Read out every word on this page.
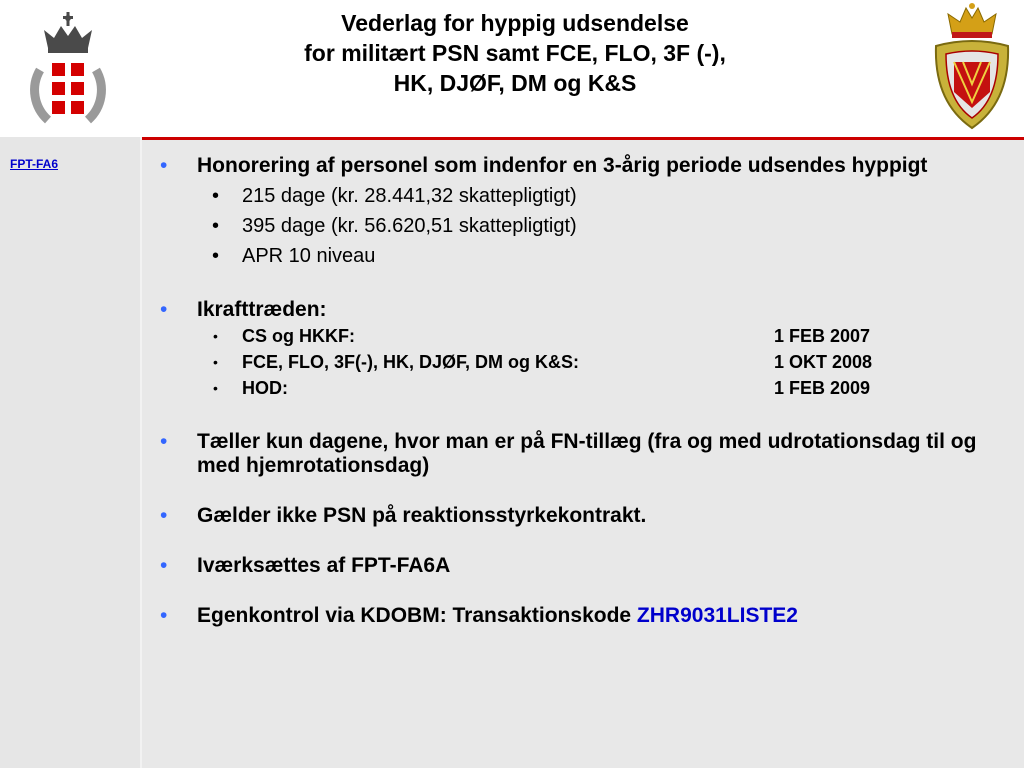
Vederlag for hyppig udsendelse
for militært PSN samt FCE, FLO, 3F (-),
HK, DJØF, DM og K&S
FPT-FA6	• Honorering af personel som indenfor en 3-årig periode udsendes hyppigt
• 215 dage (kr. 28.441,32 skattepligtigt)
• 395 dage (kr. 56.620,51 skattepligtigt)
• APR 10 niveau
• Ikrafttræden:
• CS og HKKF:	1 FEB 2007
• FCE, FLO, 3F(-), HK, DJØF, DM og K&S:	1 OKT 2008
• HOD:	1 FEB 2009
• Tæller kun dagene, hvor man er på FN-tillæg (fra og med udrotationsdag til og med hjemrotationsdag)
• Gælder ikke PSN på reaktionsstyrkekontrakt.
• Iværksættes af FPT-FA6A
• Egenkontrol via KDOBM: Transaktionskode ZHR9031LISTE2
